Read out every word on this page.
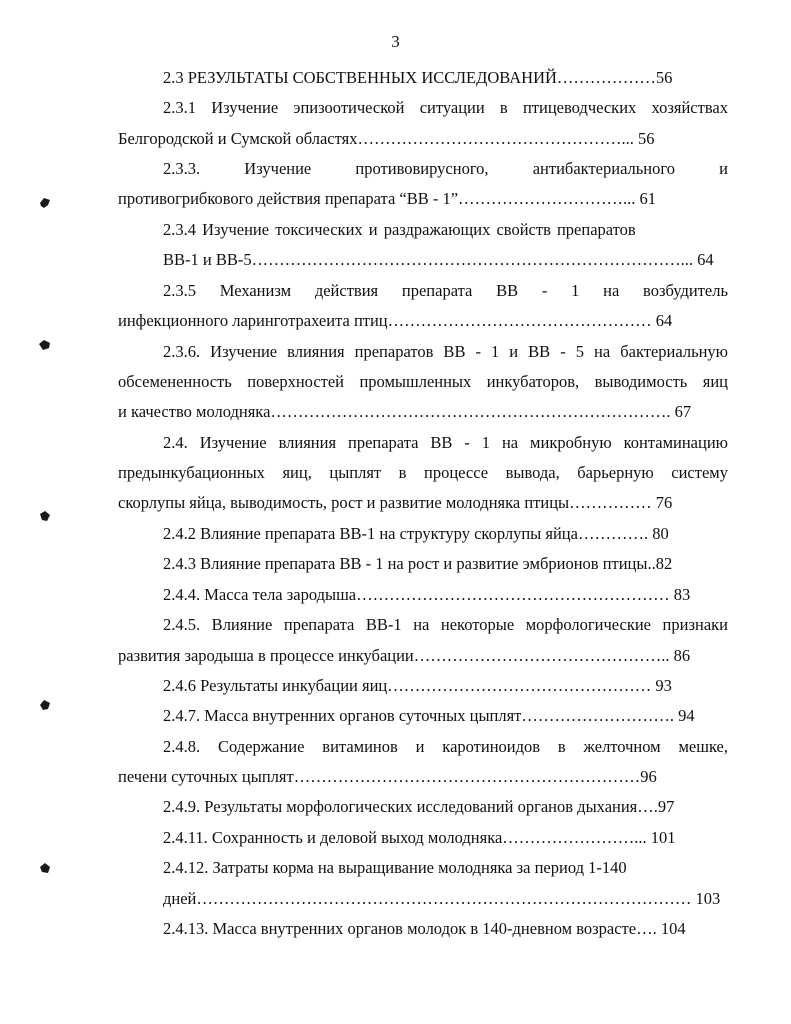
3
2.3 РЕЗУЛЬТАТЫ СОБСТВЕННЫХ ИССЛЕДОВАНИЙ………………56
2.3.1 Изучение эпизоотической ситуации в птицеводческих хозяйствах
Белгородской и Сумской областях…………………………………………... 56
2.3.3. Изучение противовирусного, антибактериального и
противогрибкового действия препарата “ВВ - 1”…………………………... 61
2.3.4 Изучение токсических и раздражающих свойств препаратов
ВВ-1 и ВВ-5……………………………………………………………………... 64
2.3.5 Механизм действия препарата ВВ - 1 на возбудитель
инфекционного ларинготрахеита птиц………………………………………… 64
2.3.6. Изучение влияния препаратов ВВ - 1 и ВВ - 5 на бактериальную
обсемененность поверхностей промышленных инкубаторов, выводимость яиц
и качество молодняка………………………………………………………………. 67
2.4. Изучение влияния препарата ВВ - 1 на микробную контаминацию
предынкубационных яиц, цыплят в процессе вывода, барьерную систему
скорлупы яйца, выводимость, рост и развитие молодняка птицы…………… 76
2.4.2 Влияние препарата ВВ-1 на структуру скорлупы яйца…………. 80
2.4.3 Влияние препарата ВВ - 1 на рост и развитие эмбрионов птицы..82
2.4.4. Масса тела зародыша………………………………………………… 83
2.4.5. Влияние препарата ВВ-1 на некоторые морфологические признаки
развития зародыша в процессе инкубации……………………………………….. 86
2.4.6 Результаты инкубации яиц………………………………………… 93
2.4.7. Масса внутренних органов суточных цыплят………………………. 94
2.4.8. Содержание витаминов и каротиноидов в желточном мешке,
печени суточных цыплят………………………………………………………96
2.4.9. Результаты морфологических исследований органов дыхания….97
2.4.11. Сохранность и деловой выход молодняка……………………... 101
2.4.12. Затраты корма на выращивание молодняка за период 1-140
дней……………………………………………………………………………… 103
2.4.13. Масса внутренних органов молодок в 140-дневном возрасте…. 104
